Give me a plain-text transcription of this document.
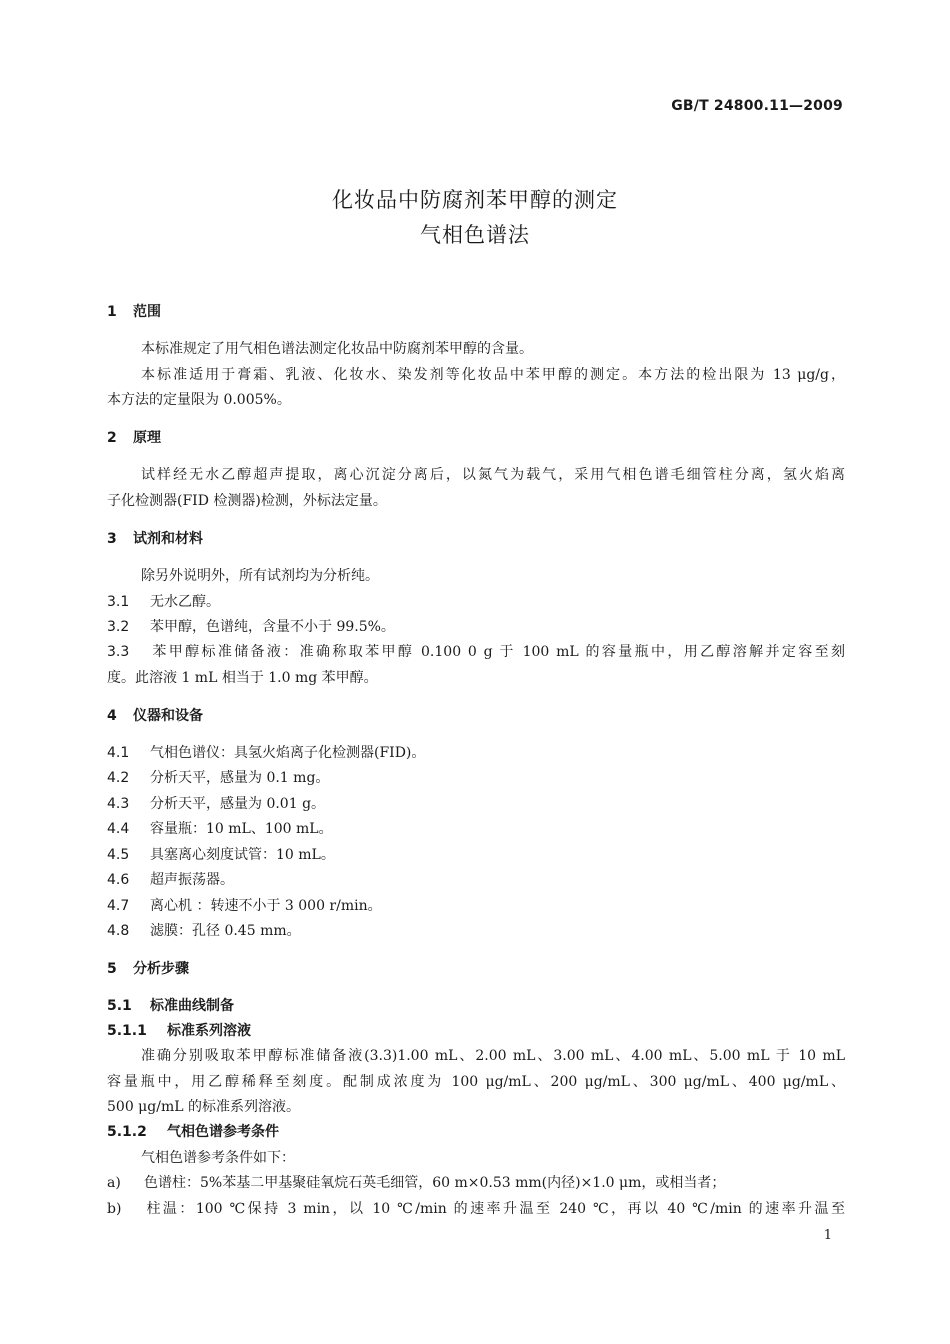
GB/T 24800.11—2009
化妆品中防腐剂苯甲醇的测定
气相色谱法
1 范围
本标准规定了用气相色谱法测定化妆品中防腐剂苯甲醇的含量。
本标准适用于膏霜、乳液、化妆水、染发剂等化妆品中苯甲醇的测定。本方法的检出限为 13 μg/g，
本方法的定量限为 0.005%。
2 原理
试样经无水乙醇超声提取，离心沉淀分离后，以氮气为载气，采用气相色谱毛细管柱分离，氢火焰离
子化检测器(FID 检测器)检测，外标法定量。
3 试剂和材料
除另外说明外，所有试剂均为分析纯。
3.1 无水乙醇。
3.2 苯甲醇，色谱纯，含量不小于 99.5%。
3.3 苯甲醇标准储备液：准确称取苯甲醇 0.100 0 g 于 100 mL 的容量瓶中，用乙醇溶解并定容至刻
度。此溶液 1 mL 相当于 1.0 mg 苯甲醇。
4 仪器和设备
4.1 气相色谱仪：具氢火焰离子化检测器(FID)。
4.2 分析天平，感量为 0.1 mg。
4.3 分析天平，感量为 0.01 g。
4.4 容量瓶：10 mL、100 mL。
4.5 具塞离心刻度试管：10 mL。
4.6 超声振荡器。
4.7 离心机 ：转速不小于 3 000 r/min。
4.8 滤膜：孔径 0.45 mm。
5 分析步骤
5.1 标准曲线制备
5.1.1 标准系列溶液
准确分别吸取苯甲醇标准储备液(3.3)1.00 mL、2.00 mL、3.00 mL、4.00 mL、5.00 mL 于 10 mL
容量瓶中，用乙醇稀释至刻度。配制成浓度为 100 μg/mL、200 μg/mL、300 μg/mL、400 μg/mL、
500 μg/mL 的标准系列溶液。
5.1.2 气相色谱参考条件
气相色谱参考条件如下：
a) 色谱柱：5%苯基二甲基聚硅氧烷石英毛细管，60 m×0.53 mm(内径)×1.0 μm，或相当者；
b) 柱温：100 ℃保持 3 min，以 10 ℃/min 的速率升温至 240 ℃，再以 40 ℃/min 的速率升温至
1
